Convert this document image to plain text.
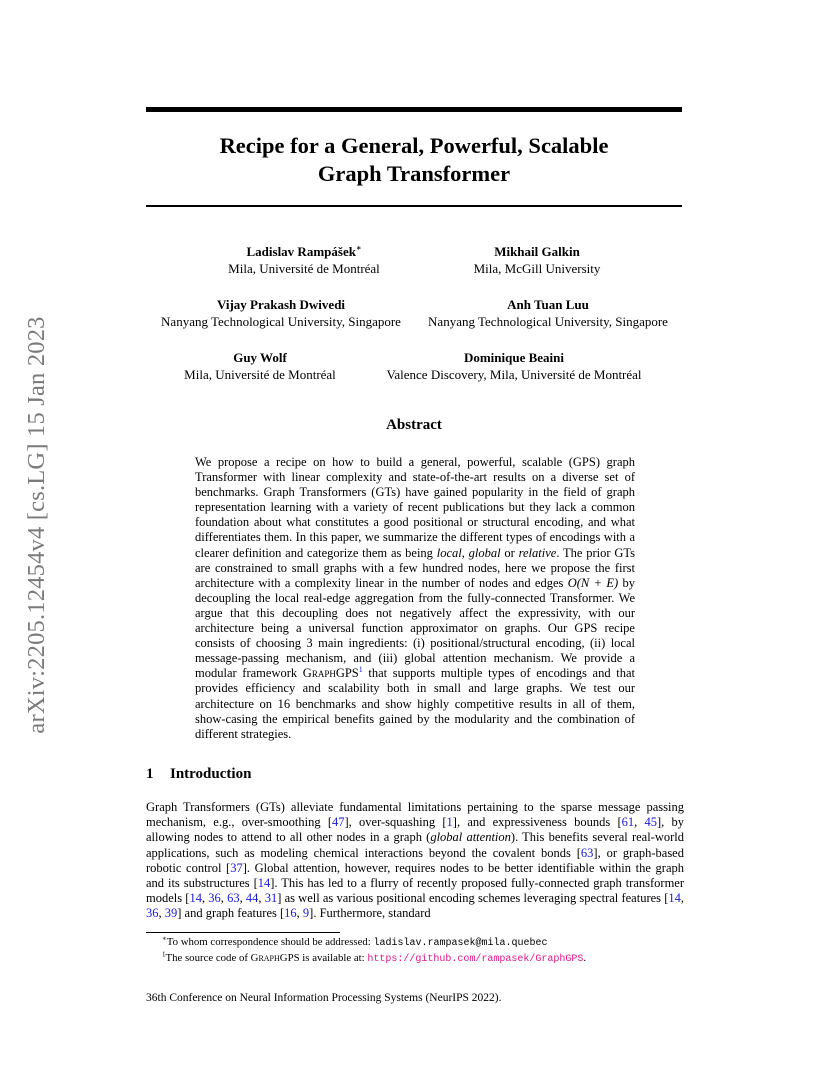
arXiv:2205.12454v4 [cs.LG] 15 Jan 2023
Recipe for a General, Powerful, Scalable
Graph Transformer
Ladislav Rampášek∗
Mila, Université de Montréal
Mikhail Galkin
Mila, McGill University
Vijay Prakash Dwivedi
Nanyang Technological University, Singapore
Anh Tuan Luu
Nanyang Technological University, Singapore
Guy Wolf
Mila, Université de Montréal
Dominique Beaini
Valence Discovery, Mila, Université de Montréal
Abstract
We propose a recipe on how to build a general, powerful, scalable (GPS) graph Transformer with linear complexity and state-of-the-art results on a diverse set of benchmarks. Graph Transformers (GTs) have gained popularity in the field of graph representation learning with a variety of recent publications but they lack a common foundation about what constitutes a good positional or structural encoding, and what differentiates them. In this paper, we summarize the different types of encodings with a clearer definition and categorize them as being local, global or relative. The prior GTs are constrained to small graphs with a few hundred nodes, here we propose the first architecture with a complexity linear in the number of nodes and edges O(N + E) by decoupling the local real-edge aggregation from the fully-connected Transformer. We argue that this decoupling does not negatively affect the expressivity, with our architecture being a universal function approximator on graphs. Our GPS recipe consists of choosing 3 main ingredients: (i) positional/structural encoding, (ii) local message-passing mechanism, and (iii) global attention mechanism. We provide a modular framework GraphGPS$^1$ that supports multiple types of encodings and that provides efficiency and scalability both in small and large graphs. We test our architecture on 16 benchmarks and show highly competitive results in all of them, show-casing the empirical benefits gained by the modularity and the combination of different strategies.
1 Introduction
Graph Transformers (GTs) alleviate fundamental limitations pertaining to the sparse message passing mechanism, e.g., over-smoothing [47], over-squashing [1], and expressiveness bounds [61, 45], by allowing nodes to attend to all other nodes in a graph (global attention). This benefits several real-world applications, such as modeling chemical interactions beyond the covalent bonds [63], or graph-based robotic control [37]. Global attention, however, requires nodes to be better identifiable within the graph and its substructures [14]. This has led to a flurry of recently proposed fully-connected graph transformer models [14, 36, 63, 44, 31] as well as various positional encoding schemes leveraging spectral features [14, 36, 39] and graph features [16, 9]. Furthermore, standard
∗To whom correspondence should be addressed: ladislav.rampasek@mila.quebec
$^1$The source code of GraphGPS is available at: https://github.com/rampasek/GraphGPS.
36th Conference on Neural Information Processing Systems (NeurIPS 2022).
